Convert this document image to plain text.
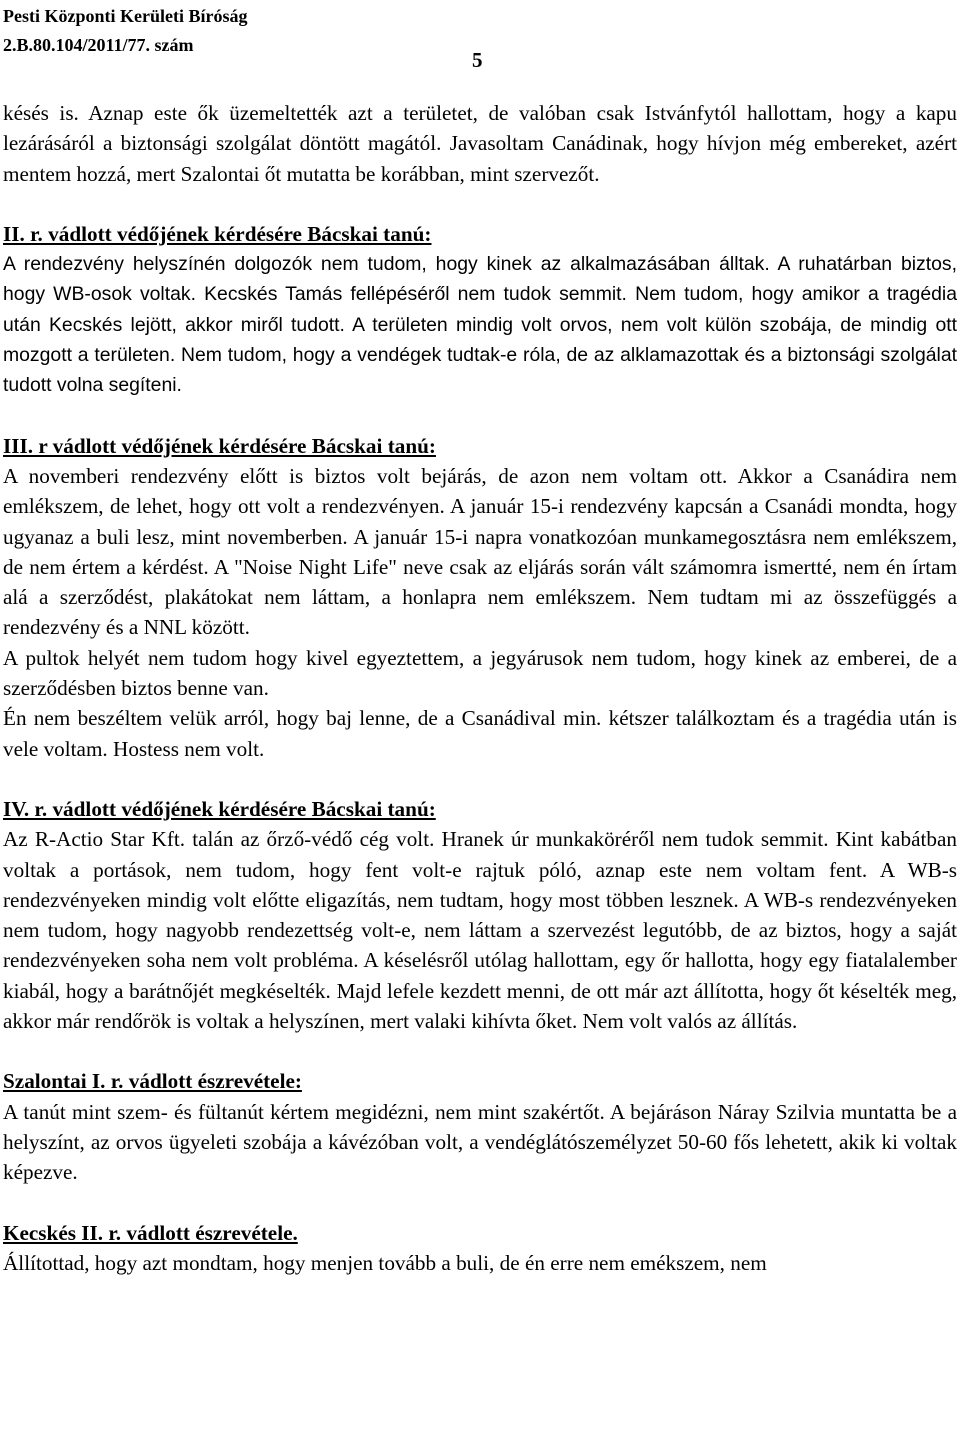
Pesti Központi Kerületi Bíróság
2.B.80.104/2011/77. szám
5

késés is. Aznap este ők üzemeltették azt a területet, de valóban csak Istvánfytól hallottam, hogy a kapu lezárásáról a biztonsági szolgálat döntött magától. Javasoltam Canádinak, hogy hívjon még embereket, azért mentem hozzá, mert Szalontai őt mutatta be korábban, mint szervezőt.

II. r. vádlott védőjének kérdésére Bácskai tanú:

A rendezvény helyszínén dolgozók nem tudom, hogy kinek az alkalmazásában álltak. A ruhatárban biztos, hogy WB-osok voltak. Kecskés Tamás fellépéséről nem tudok semmit. Nem tudom, hogy amikor a tragédia után Kecskés lejött, akkor miről tudott. A területen mindig volt orvos, nem volt külön szobája, de mindig ott mozgott a területen. Nem tudom, hogy a vendégek tudtak-e róla, de az alklamazottak és a biztonsági szolgálat tudott volna segíteni.

III. r vádlott védőjének kérdésére Bácskai tanú:

A novemberi rendezvény előtt is biztos volt bejárás, de azon nem voltam ott. Akkor a Csanádira nem emlékszem, de lehet, hogy ott volt a rendezvényen. A január 15-i rendezvény kapcsán a Csanádi mondta, hogy ugyanaz a buli lesz, mint novemberben. A január 15-i napra vonatkozóan munkamegosztásra nem emlékszem, de nem értem a kérdést. A "Noise Night Life" neve csak az eljárás során vált számomra ismertté, nem én írtam alá a szerződést, plakátokat nem láttam, a honlapra nem emlékszem. Nem tudtam mi az összefüggés a rendezvény és a NNL között.

A pultok helyét nem tudom hogy kivel egyeztettem, a jegyárusok nem tudom, hogy kinek az emberei, de a szerződésben biztos benne van.

Én nem beszéltem velük arról, hogy baj lenne, de a Csanádival min. kétszer találkoztam és a tragédia után is vele voltam. Hostess nem volt.

IV. r. vádlott védőjének kérdésére Bácskai tanú:

Az R-Actio Star Kft. talán az őrző-védő cég volt. Hranek úr munkaköréről nem tudok semmit. Kint kabátban voltak a portások, nem tudom, hogy fent volt-e rajtuk póló, aznap este nem voltam fent. A WB-s rendezvényeken mindig volt előtte eligazítás, nem tudtam, hogy most többen lesznek. A WB-s rendezvényeken nem tudom, hogy nagyobb rendezettség volt-e, nem láttam a szervezést legutóbb, de az biztos, hogy a saját rendezvényeken soha nem volt probléma. A késelésről utólag hallottam, egy őr hallotta, hogy egy fiatalalember kiabál, hogy a barátnőjét megkéselték. Majd lefele kezdett menni, de ott már azt állította, hogy őt késelték meg, akkor már rendőrök is voltak a helyszínen, mert valaki kihívta őket. Nem volt valós az állítás.

Szalontai I. r. vádlott észrevétele:

A tanút mint szem- és fültanút kértem megidézni, nem mint szakértőt. A bejáráson Náray Szilvia muntatta be a helyszínt, az orvos ügyeleti szobája a kávézóban volt, a vendéglátószemélyzet 50-60 fős lehetett, akik ki voltak képezve.

Kecskés II. r. vádlott észrevétele.

Állítottad, hogy azt mondtam, hogy menjen tovább a buli, de én erre nem emékszem, nem
